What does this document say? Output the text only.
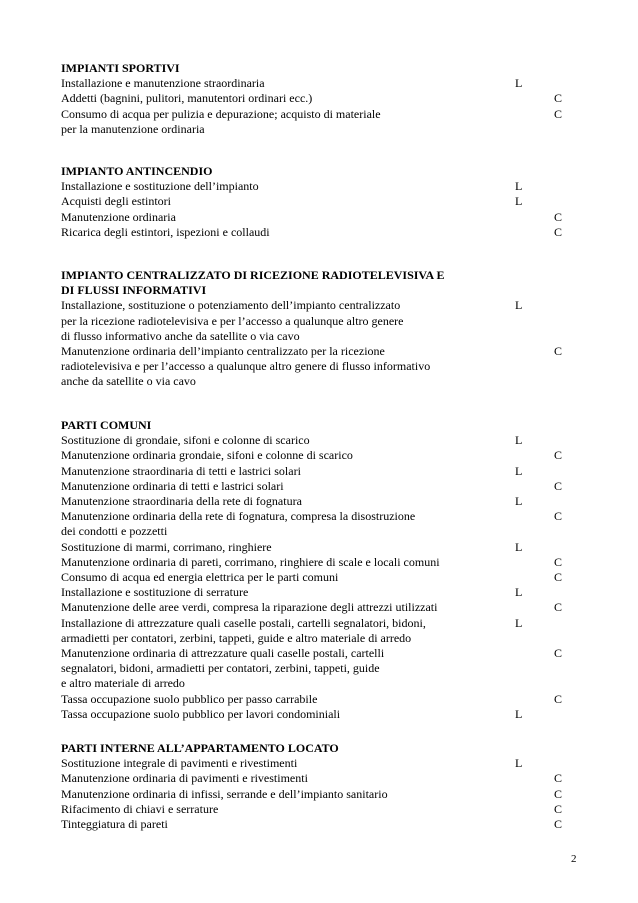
IMPIANTI SPORTIVI
Installazione e manutenzione straordinaria	L
Addetti (bagnini, pulitori, manutentori ordinari ecc.)	C
Consumo di acqua per pulizia e depurazione; acquisto di materiale	C
per la manutenzione ordinaria
IMPIANTO ANTINCENDIO
Installazione e sostituzione dell’impianto	L
Acquisti degli estintori	L
Manutenzione ordinaria	C
Ricarica degli estintori, ispezioni e collaudi	C
IMPIANTO CENTRALIZZATO DI RICEZIONE RADIOTELEVISIVA E
DI FLUSSI INFORMATIVI
Installazione, sostituzione o potenziamento dell’impianto centralizzato	L
per la ricezione radiotelevisiva e per l’accesso a qualunque altro genere
di flusso informativo anche da satellite o via cavo
Manutenzione ordinaria dell’impianto centralizzato per la ricezione	C
radiotelevisiva e per l’accesso a qualunque altro genere di flusso informativo
anche da satellite o via cavo
PARTI COMUNI
Sostituzione di grondaie, sifoni e colonne di scarico	L
Manutenzione ordinaria grondaie, sifoni e colonne di scarico	C
Manutenzione straordinaria di tetti e lastrici solari	L
Manutenzione ordinaria di tetti e lastrici solari	C
Manutenzione straordinaria della rete di fognatura	L
Manutenzione ordinaria della rete di fognatura, compresa la disostruzione	C
dei condotti e pozzetti
Sostituzione di marmi, corrimano, ringhiere	L
Manutenzione ordinaria di pareti, corrimano, ringhiere di scale e locali comuni	C
Consumo di acqua ed energia elettrica per le parti comuni	C
Installazione e sostituzione di serrature	L
Manutenzione delle aree verdi, compresa la riparazione degli attrezzi utilizzati	C
Installazione di attrezzature quali caselle postali, cartelli segnalatori, bidoni,	L
armadietti per contatori, zerbini, tappeti, guide e altro materiale di arredo
Manutenzione ordinaria di attrezzature quali caselle postali, cartelli	C
segnalatori, bidoni, armadietti per contatori, zerbini, tappeti, guide
e altro materiale di arredo
Tassa occupazione suolo pubblico per passo carrabile	C
Tassa occupazione suolo pubblico per lavori condominiali	L
PARTI INTERNE ALL’APPARTAMENTO LOCATO
Sostituzione integrale di pavimenti e rivestimenti	L
Manutenzione ordinaria di pavimenti e rivestimenti	C
Manutenzione ordinaria di infissi, serrande e dell’impianto sanitario	C
Rifacimento di chiavi e serrature	C
Tinteggiatura di pareti	C
2
